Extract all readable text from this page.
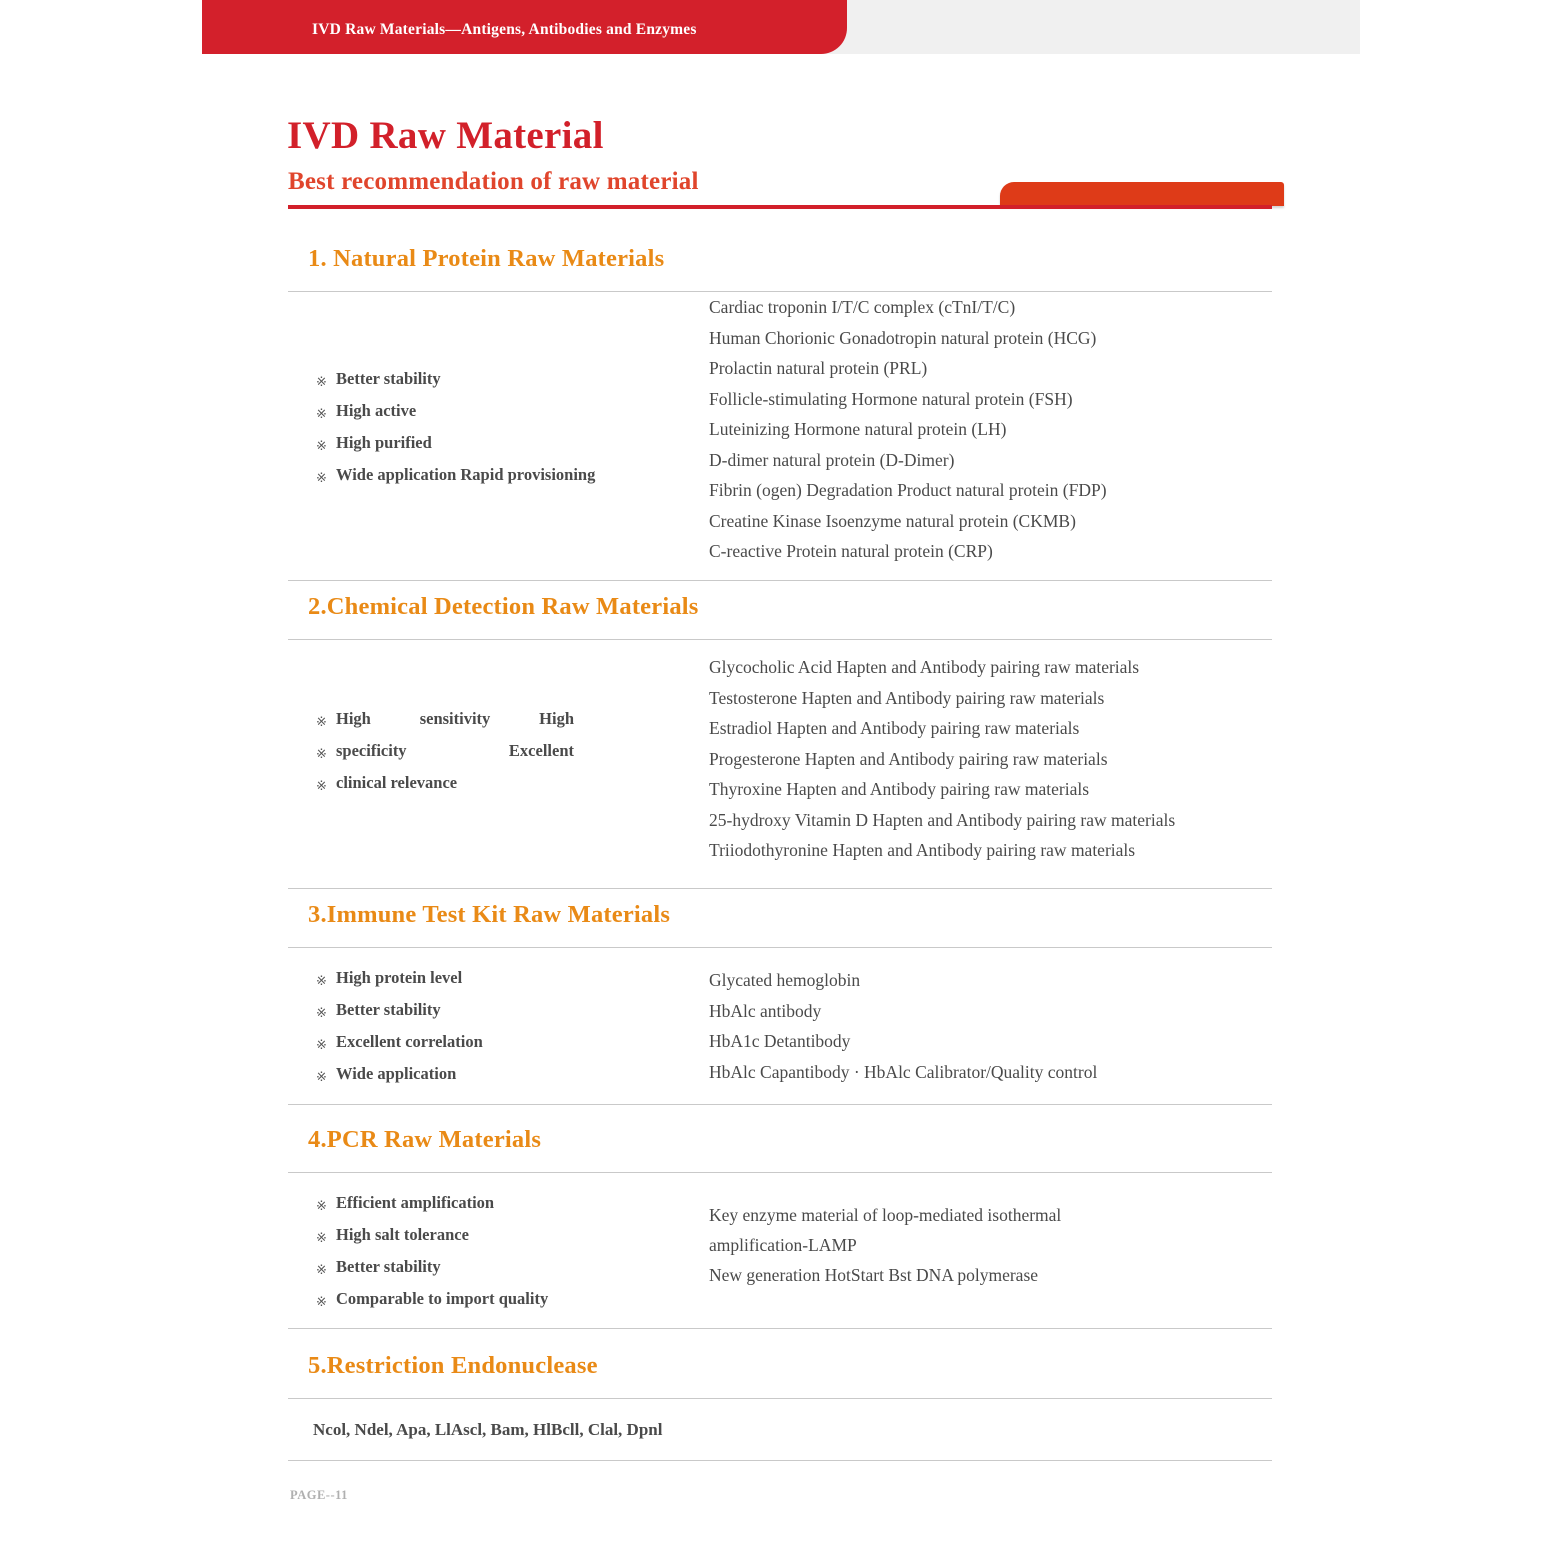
IVD Raw Materials—Antigens, Antibodies and Enzymes
IVD Raw Material
Best recommendation of raw material
1. Natural Protein Raw Materials
※ Better stability
※ High active
※ High purified
※ Wide application Rapid provisioning
Cardiac troponin I/T/C complex (cTnI/T/C)
Human Chorionic Gonadotropin natural protein (HCG)
Prolactin natural protein (PRL)
Follicle-stimulating Hormone natural protein (FSH)
Luteinizing Hormone natural protein (LH)
D-dimer natural protein (D-Dimer)
Fibrin (ogen) Degradation Product natural protein (FDP)
Creatine Kinase Isoenzyme natural protein (CKMB)
C-reactive Protein natural protein (CRP)
2.Chemical Detection Raw Materials
※ High sensitivity High
※ specificity Excellent
※ clinical relevance
Glycocholic Acid Hapten and Antibody pairing raw materials
Testosterone Hapten and Antibody pairing raw materials
Estradiol Hapten and Antibody pairing raw materials
Progesterone Hapten and Antibody pairing raw materials
Thyroxine Hapten and Antibody pairing raw materials
25-hydroxy Vitamin D Hapten and Antibody pairing raw materials
Triiodothyronine Hapten and Antibody pairing raw materials
3.Immune Test Kit Raw Materials
※ High protein level
※ Better stability
※ Excellent correlation
※ Wide application
Glycated hemoglobin
HbAlc antibody
HbA1c Detantibody
HbAlc Capantibody · HbAlc Calibrator/Quality control
4.PCR Raw Materials
※ Efficient amplification
※ High salt tolerance
※ Better stability
※ Comparable to import quality
Key enzyme material of loop-mediated isothermal amplification-LAMP
New generation HotStart Bst DNA polymerase
5.Restriction Endonuclease
Ncol, Ndel, Apa, LlAscl, Bam, HlBcll, Clal, Dpnl
PAGE--11
